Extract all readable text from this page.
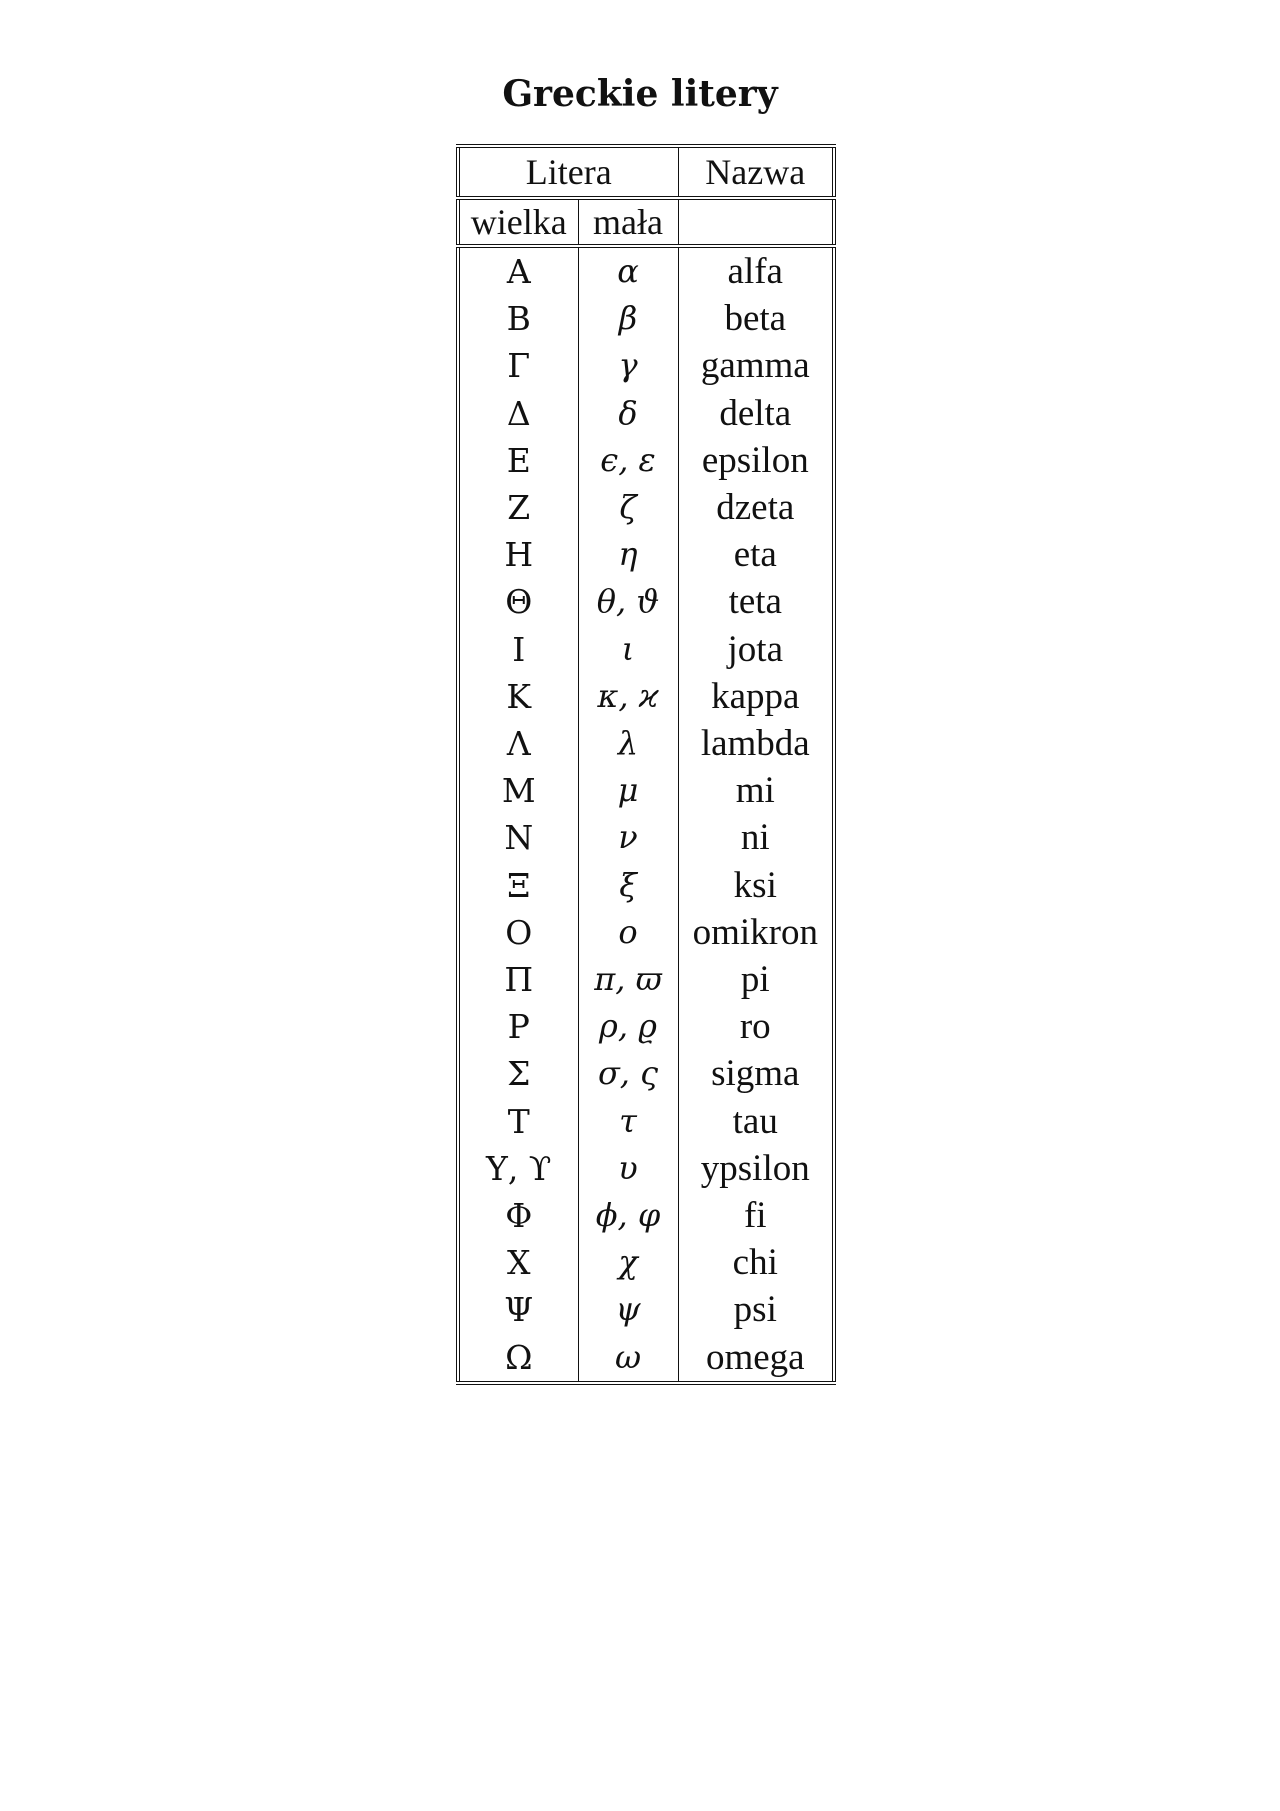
Greckie litery
Litera		Nazwa
wielka	mała	
Α	α	alfa
Β	β	beta
Γ	γ	gamma
Δ	δ	delta
Ε	ϵ, ε	epsilon
Ζ	ζ	dzeta
Η	η	eta
Θ	θ, ϑ	teta
Ι	ι	jota
Κ	κ, ϰ	kappa
Λ	λ	lambda
Μ	μ	mi
Ν	ν	ni
Ξ	ξ	ksi
Ο	ο	omikron
Π	π, ϖ	pi
Ρ	ρ, ϱ	ro
Σ	σ, ς	sigma
Τ	τ	tau
Υ, ϒ	υ	ypsilon
Φ	ϕ, φ	fi
Χ	χ	chi
Ψ	ψ	psi
Ω	ω	omega
